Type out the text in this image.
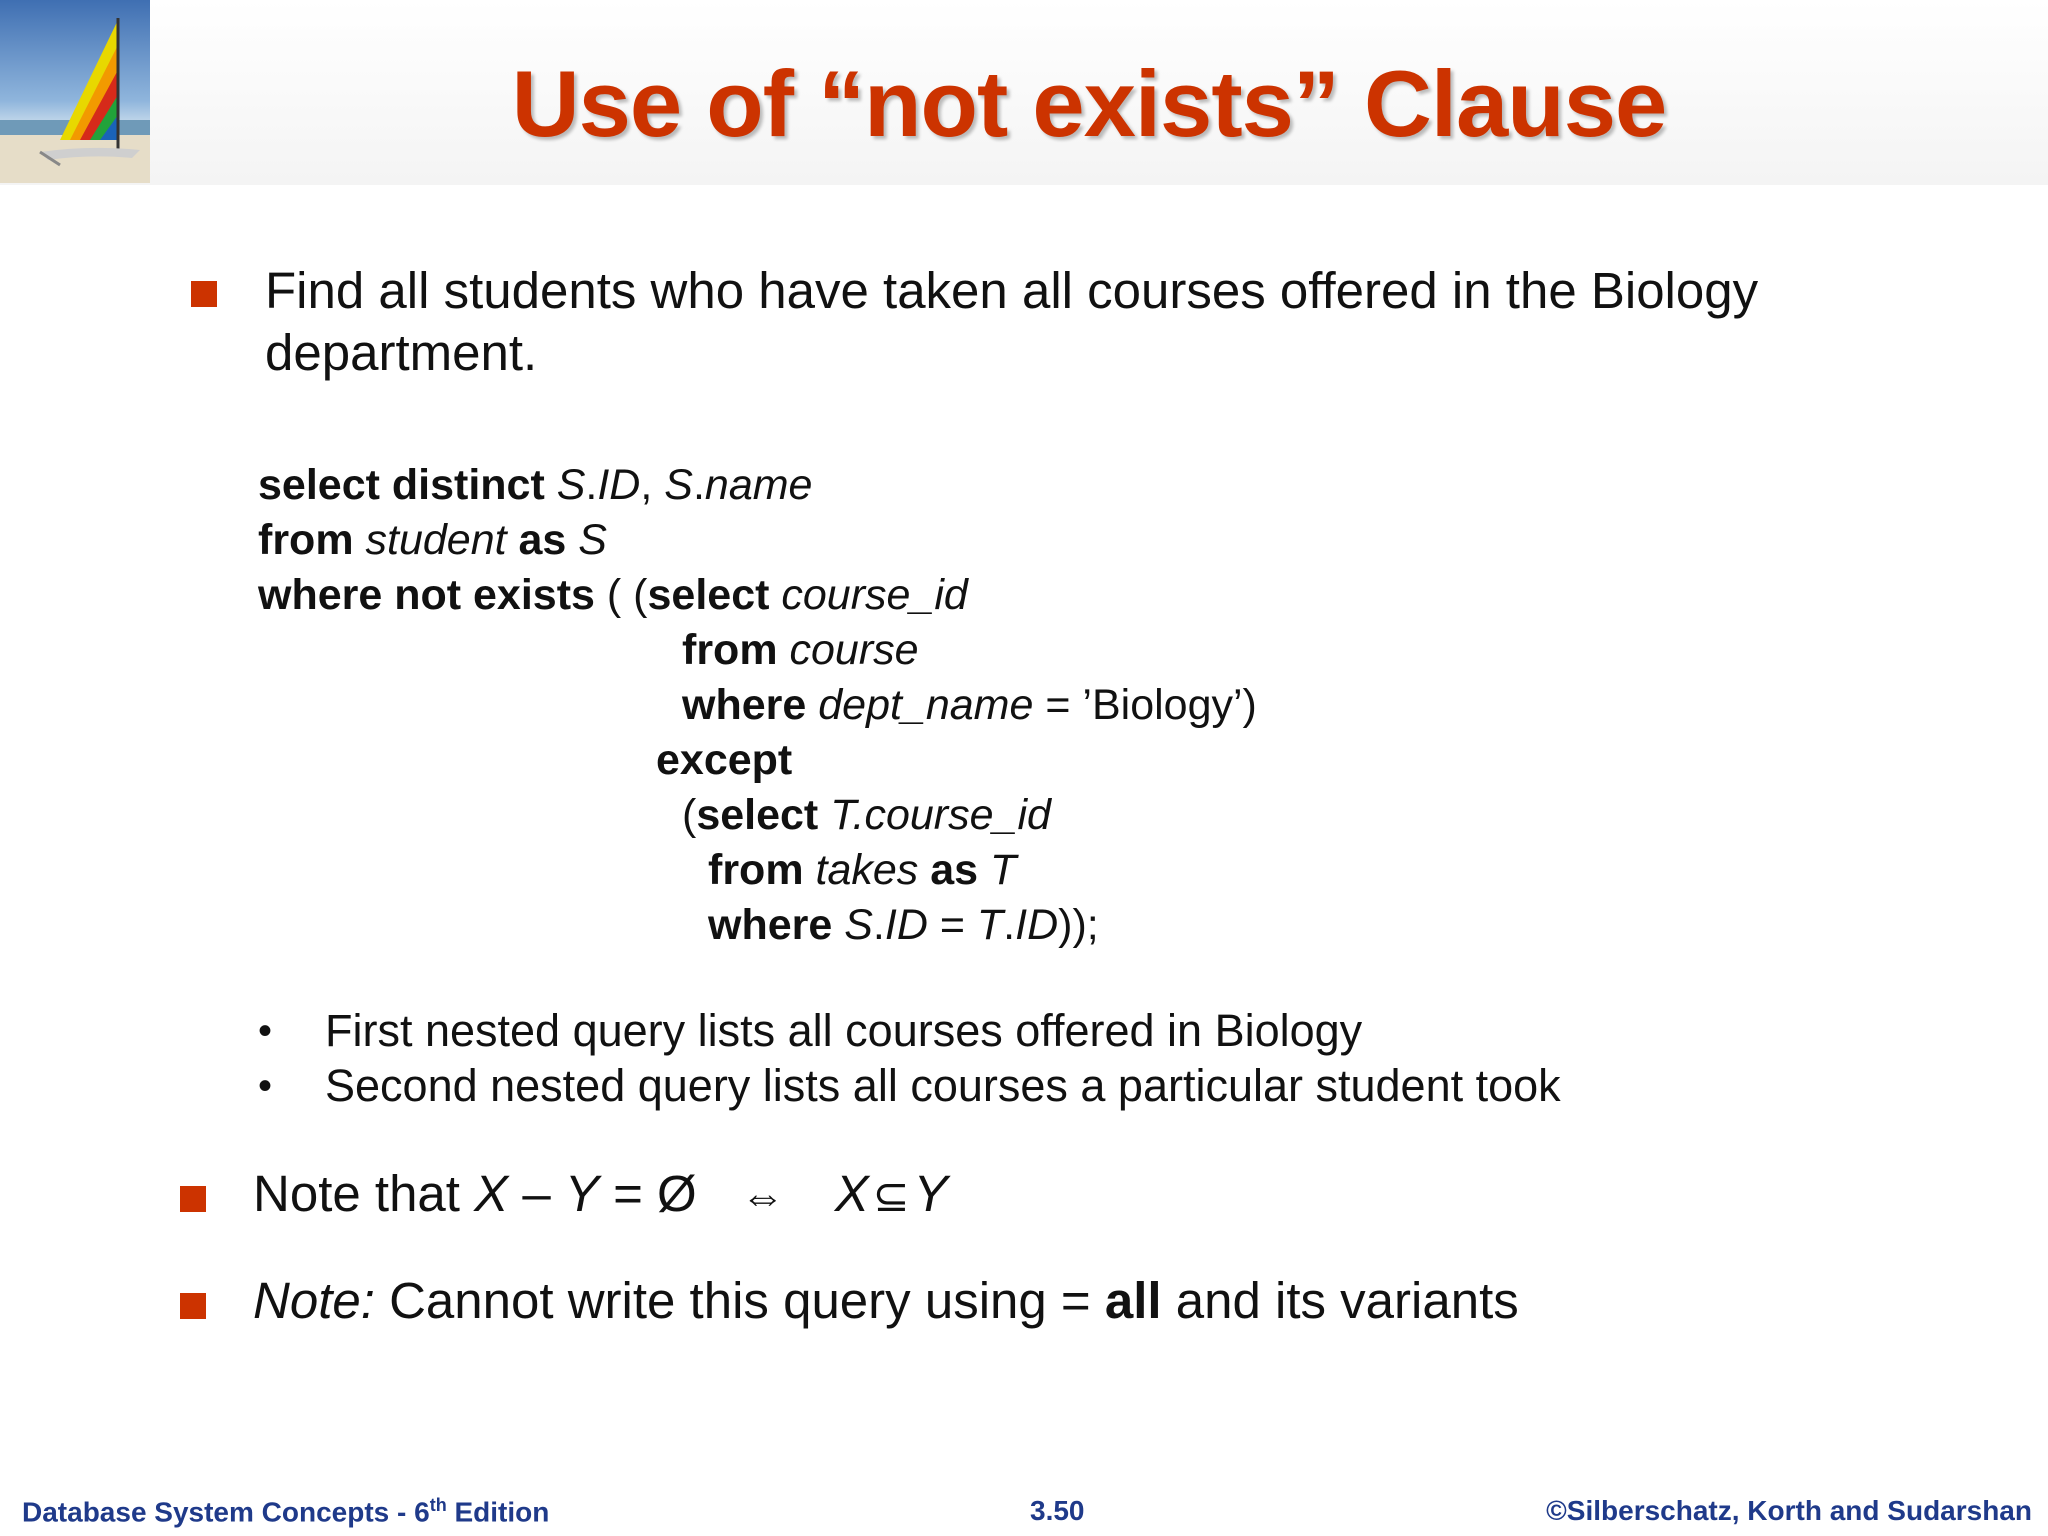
Use of “not exists” Clause
Find all students who have taken all courses offered in the Biology department.
select distinct S.ID, S.name
from student as S
where not exists ( (select course_id
from course
where dept_name = ’Biology’)
except
(select T.course_id
from takes as T
where S.ID = T.ID));
• First nested query lists all courses offered in Biology
• Second nested query lists all courses a particular student took
Note that X – Y = Ø ⇔ X⊆Y
Note: Cannot write this query using = all and its variants
Database System Concepts - 6th Edition	3.50	©Silberschatz, Korth and Sudarshan
